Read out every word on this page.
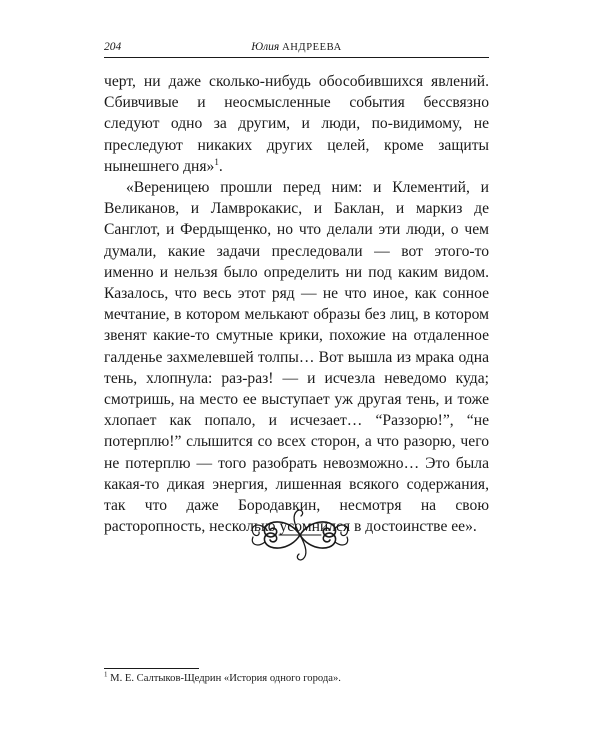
204	Юлия АНДРЕЕВА

черт, ни даже сколько-нибудь обособившихся явлений. Сбивчивые и неосмысленные события бессвязно следуют одно за другим, и люди, по-видимому, не преследуют никаких других целей, кроме защиты нынешнего дня»$^1$.

«Вереницею прошли перед ним: и Клементий, и Великанов, и Ламврокакис, и Баклан, и маркиз де Санглот, и Фердыщенко, но что делали эти люди, о чем думали, какие задачи преследовали — вот этого-то именно и нельзя было определить ни под каким видом. Казалось, что весь этот ряд — не что иное, как сонное мечтание, в котором мелькают образы без лиц, в котором звенят какие-то смутные крики, похожие на отдаленное галденье захмелевшей толпы… Вот вышла из мрака одна тень, хлопнула: раз-раз! — и исчезла неведомо куда; смотришь, на место ее выступает уж другая тень, и тоже хлопает как попало, и исчезает… “Раззорю!”, “не потерплю!” слышится со всех сторон, а что разорю, чего не потерплю — того разобрать невозможно… Это была какая-то дикая энергия, лишенная всякого содержания, так что даже Бородавкин, несмотря на свою расторопность, несколько усомнился в достоинстве ее».

$^1$ М. Е. Салтыков-Щедрин «История одного города».
